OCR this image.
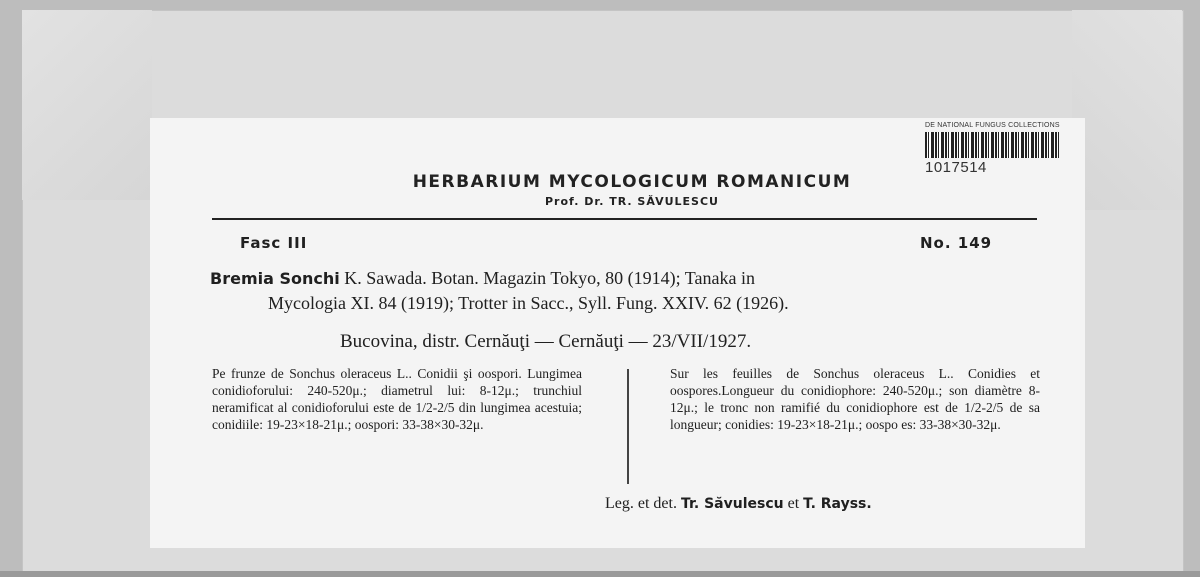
DE NATIONAL FUNGUS COLLECTIONS
1017514
HERBARIUM MYCOLOGICUM ROMANICUM
Prof. Dr. TR. SĂVULESCU
Fasc III	No. 149
Bremia Sonchi K. Sawada. Botan. Magazin Tokyo, 80 (1914); Tanaka in
Mycologia XI. 84 (1919); Trotter in Sacc., Syll. Fung. XXIV. 62 (1926).
Bucovina, distr. Cernăuţi — Cernăuţi — 23/VII/1927.
Pe frunze de Sonchus oleraceus L.. Conidii şi oospori. Lungimea conidioforului: 240-520μ.; diametrul lui: 8-12μ.; trunchiul neramificat al conidioforului este de 1/2-2/5 din lungimea acestuia; conidiile: 19-23×18-21μ.; oospori: 33-38×30-32μ.
Sur les feuilles de Sonchus oleraceus L.. Conidies et oospores.Longueur du conidiophore: 240-520μ.; son diamètre 8-12μ.; le tronc non ramifié du conidiophore est de 1/2-2/5 de sa longueur; conidies: 19-23×18-21μ.; oospo es: 33-38×30-32μ.
Leg. et det. Tr. Săvulescu et T. Rayss.
